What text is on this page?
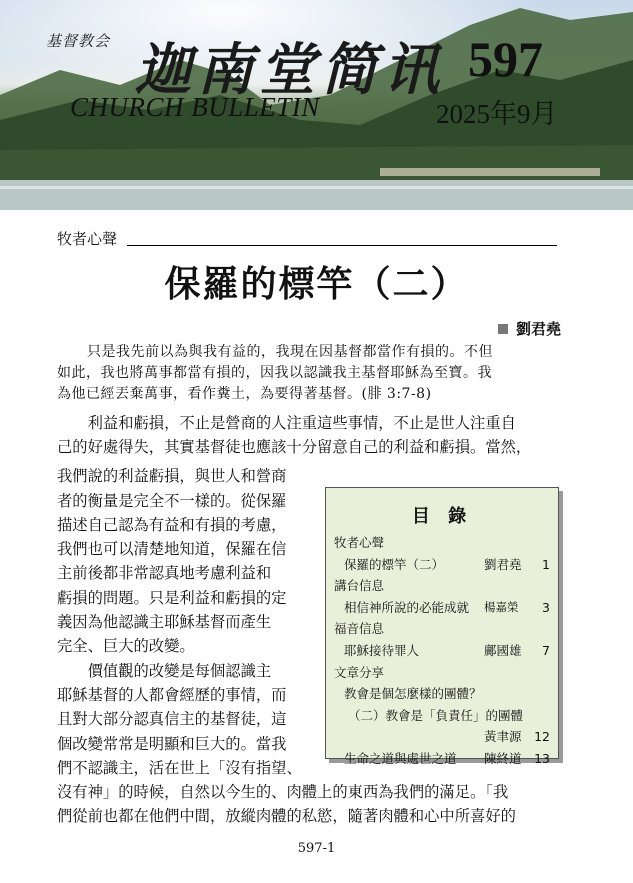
基督教会 迦南堂简讯
CHURCH BULLETIN
597
2025年9月
牧者心聲
保羅的標竿（二）
劉君堯
只是我先前以為與我有益的，我現在因基督都當作有損的。不但
如此，我也將萬事都當有損的，因我以認識我主基督耶穌為至寶。我
為他已經丟棄萬事，看作糞土，為要得著基督。(腓 3:7-8)
　　利益和虧損，不止是營商的人注重這些事情，不止是世人注重自
己的好處得失，其實基督徒也應該十分留意自己的利益和虧損。當然，
我們說的利益虧損，與世人和營商
者的衡量是完全不一樣的。從保羅
描述自己認為有益和有損的考慮，
我們也可以清楚地知道，保羅在信
主前後都非常認真地考慮利益和
虧損的問題。只是利益和虧損的定
義因為他認識主耶穌基督而產生
完全、巨大的改變。
　　價值觀的改變是每個認識主
耶穌基督的人都會經歷的事情，而
且對大部分認真信主的基督徒，這
個改變常常是明顯和巨大的。當我
們不認識主，活在世上「沒有指望、
沒有神」的時候，自然以今生的、肉體上的東西為我們的滿足。「我
們從前也都在他們中間，放縱肉體的私慾，隨著肉體和心中所喜好的
目 錄
牧者心聲
保羅的標竿（二）	劉君堯 1
講台信息
相信神所說的必能成就 楊嘉榮 3
福音信息
耶穌接待罪人	鄺國雄 7
文章分享
教會是個怎麼樣的團體？
（二）教會是「負責任」的團體
黃聿源 12
生命之道與處世之道 陳終道 13
597-1
